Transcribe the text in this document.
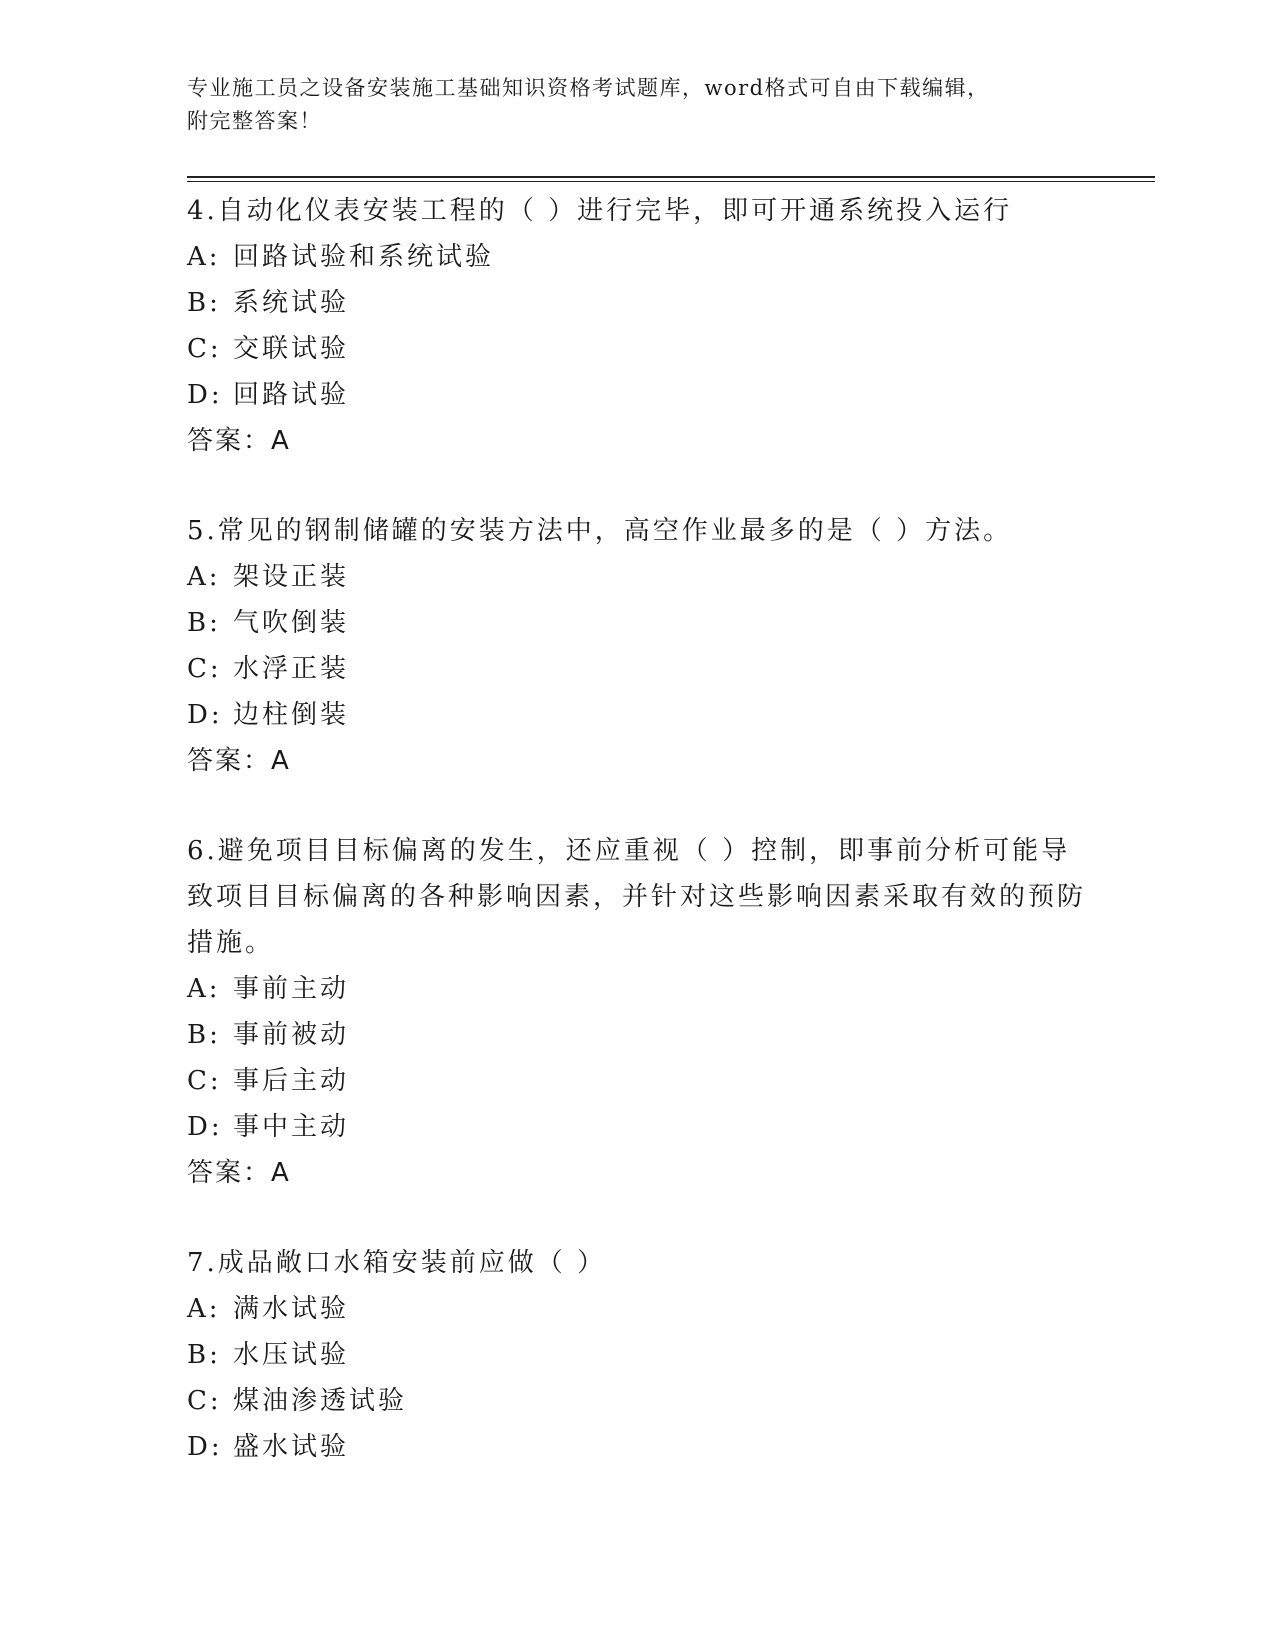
专业施工员之设备安装施工基础知识资格考试题库，word格式可自由下载编辑，
附完整答案！
4.自动化仪表安装工程的（ ）进行完毕，即可开通系统投入运行
A: 回路试验和系统试验
B: 系统试验
C: 交联试验
D: 回路试验
答案：A
5.常见的钢制储罐的安装方法中，高空作业最多的是（ ）方法。
A: 架设正装
B: 气吹倒装
C: 水浮正装
D: 边柱倒装
答案：A
6.避免项目目标偏离的发生，还应重视（ ）控制，即事前分析可能导致项目目标偏离的各种影响因素，并针对这些影响因素采取有效的预防措施。
A: 事前主动
B: 事前被动
C: 事后主动
D: 事中主动
答案：A
7.成品敞口水箱安装前应做（ ）
A: 满水试验
B: 水压试验
C: 煤油渗透试验
D: 盛水试验
